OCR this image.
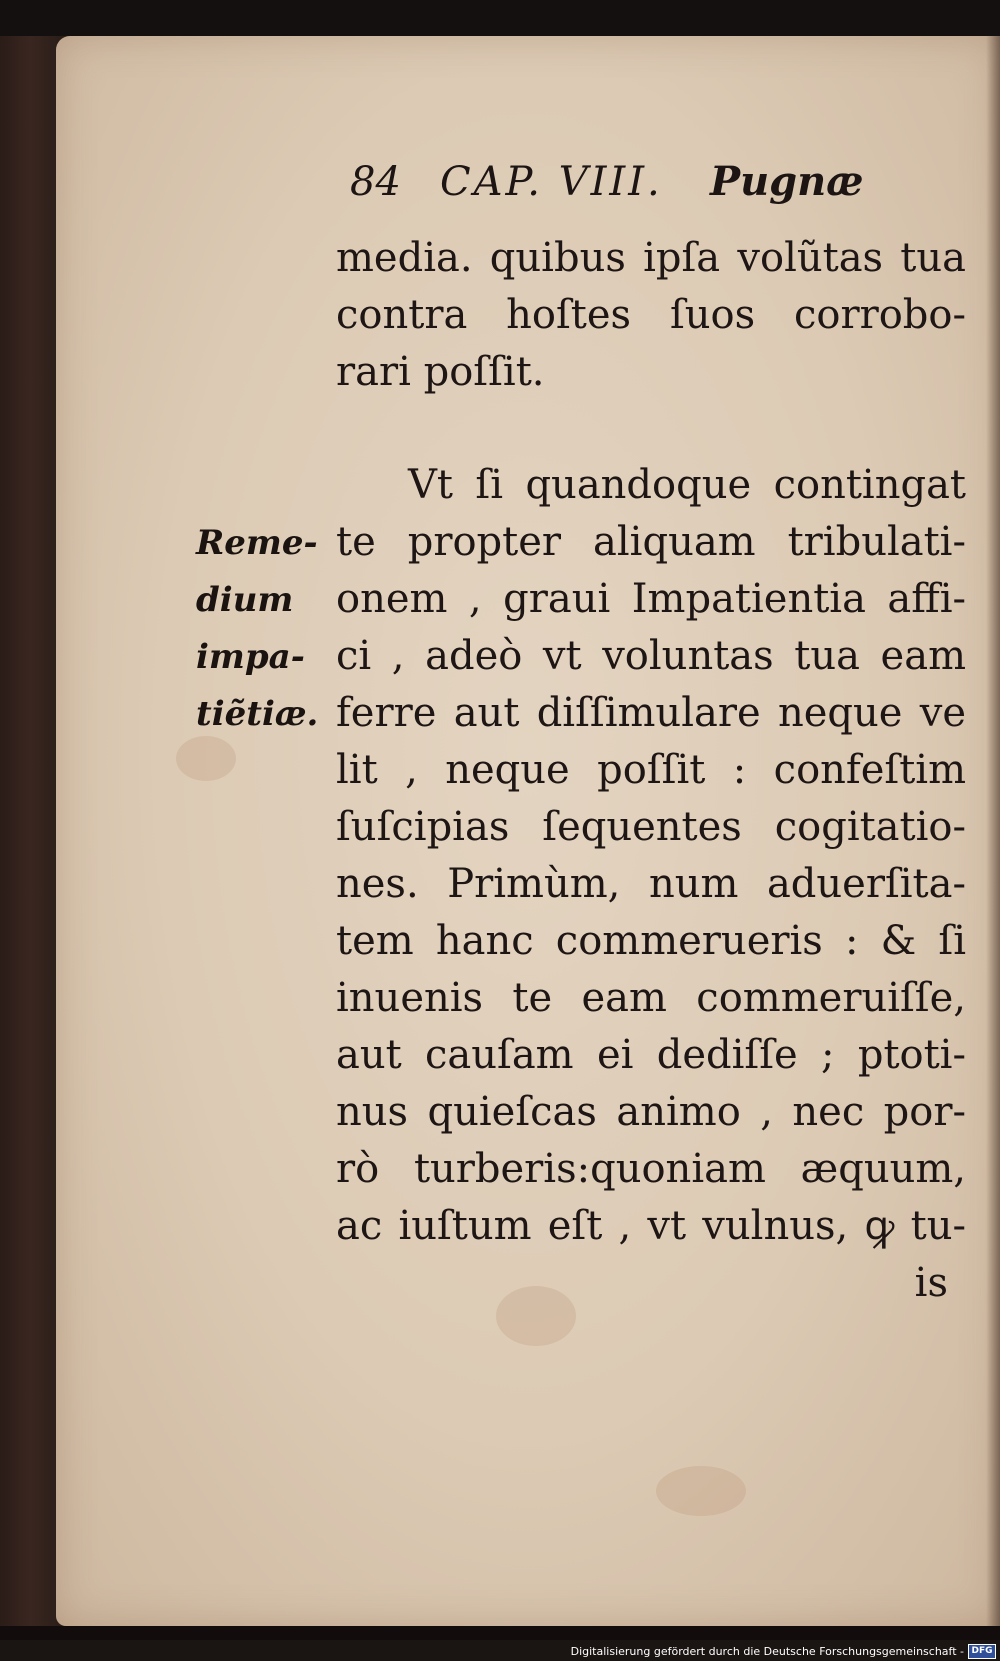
84 CAP. VIII. Pugnæ
media. quibus ipſa volũtas tua
contra hoſtes ſuos corrobo-
rari poſſit.
Vt ſi quandoque contingat
te propter aliquam tribulati-
onem , graui Impatientia affi-
ci , adeò vt voluntas tua eam
ferre aut diſſimulare neque ve
lit , neque poſſit : confeſtim
ſuſcipias ſequentes cogitatio-
nes. Primùm, num aduerſita-
tem hanc commerueris : & ſi
inuenis te eam commeruiſſe,
aut cauſam ei dediſſe ; ptoti-
nus quieſcas animo , nec por-
rò turberis:quoniam æquum,
ac iuſtum eſt , vt vulnus, ꝙ tu-
is
Reme-
dium
impa-
tiẽtiæ.
Digitalisierung gefördert durch die Deutsche Forschungsgemeinschaft - DFG
